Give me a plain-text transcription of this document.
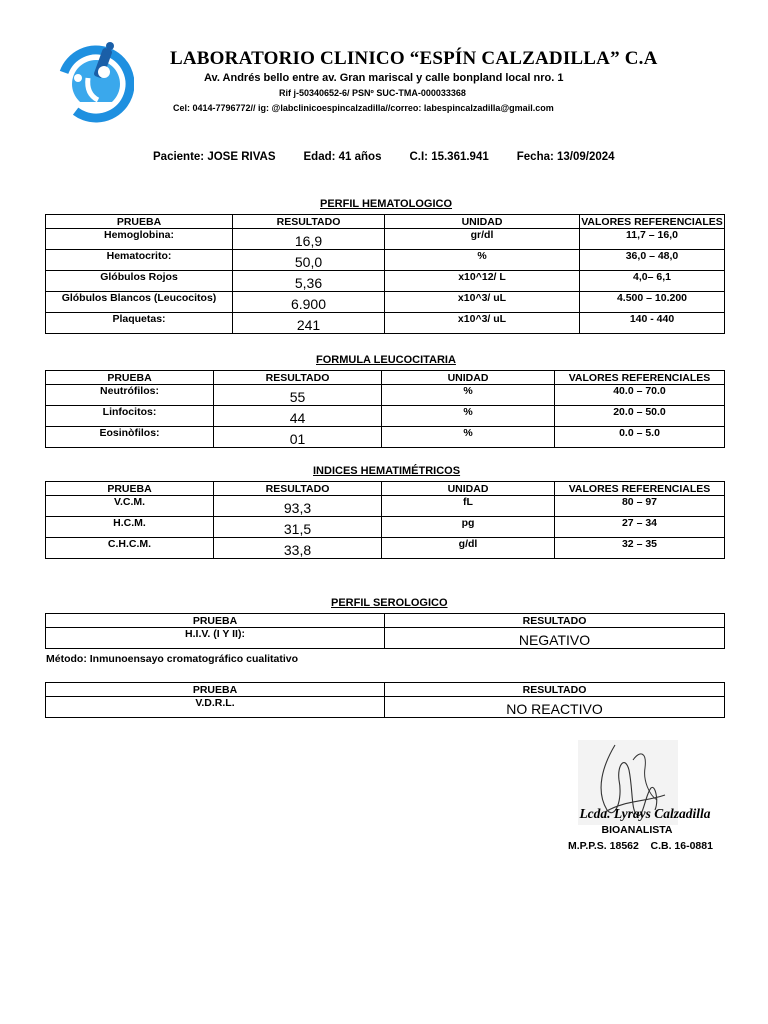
LABORATORIO CLINICO “ESPÍN CALZADILLA” C.A
Av. Andrés bello entre av. Gran mariscal y calle bonpland local nro. 1
Rif j-50340652-6/ PSNº SUC-TMA-000033368
Cel: 0414-7796772// ig: @labclinicoespincalzadilla//correo: labespincalzadilla@gmail.com
Paciente: JOSE RIVAS Edad: 41 años C.I: 15.361.941 Fecha: 13/09/2024
PERFIL HEMATOLOGICO
PRUEBA	RESULTADO	UNIDAD	VALORES REFERENCIALES
Hemoglobina:	16,9	gr/dl	11,7 – 16,0
Hematocrito:	50,0	%	36,0 – 48,0
Glóbulos Rojos	5,36	x10^12/ L	4,0– 6,1
Glóbulos Blancos (Leucocitos)	6.900	x10^3/ uL	4.500 – 10.200
Plaquetas:	241	x10^3/ uL	140 - 440
FORMULA LEUCOCITARIA
PRUEBA	RESULTADO	UNIDAD	VALORES REFERENCIALES
Neutrófilos:	55	%	40.0 – 70.0
Linfocitos:	44	%	20.0 – 50.0
Eosinòfilos:	01	%	0.0 – 5.0
INDICES HEMATIMÉTRICOS
PRUEBA	RESULTADO	UNIDAD	VALORES REFERENCIALES
V.C.M.	93,3	fL	80 – 97
H.C.M.	31,5	pg	27 – 34
C.H.C.M.	33,8	g/dl	32 – 35
PERFIL SEROLOGICO
PRUEBA	RESULTADO
H.I.V. (I Y II):	NEGATIVO
Método: Inmunoensayo cromatográfico cualitativo
PRUEBA	RESULTADO
V.D.R.L.	NO REACTIVO
Lcda. Lyrays Calzadilla
BIOANALISTA
M.P.P.S. 18562    C.B. 16-0881
